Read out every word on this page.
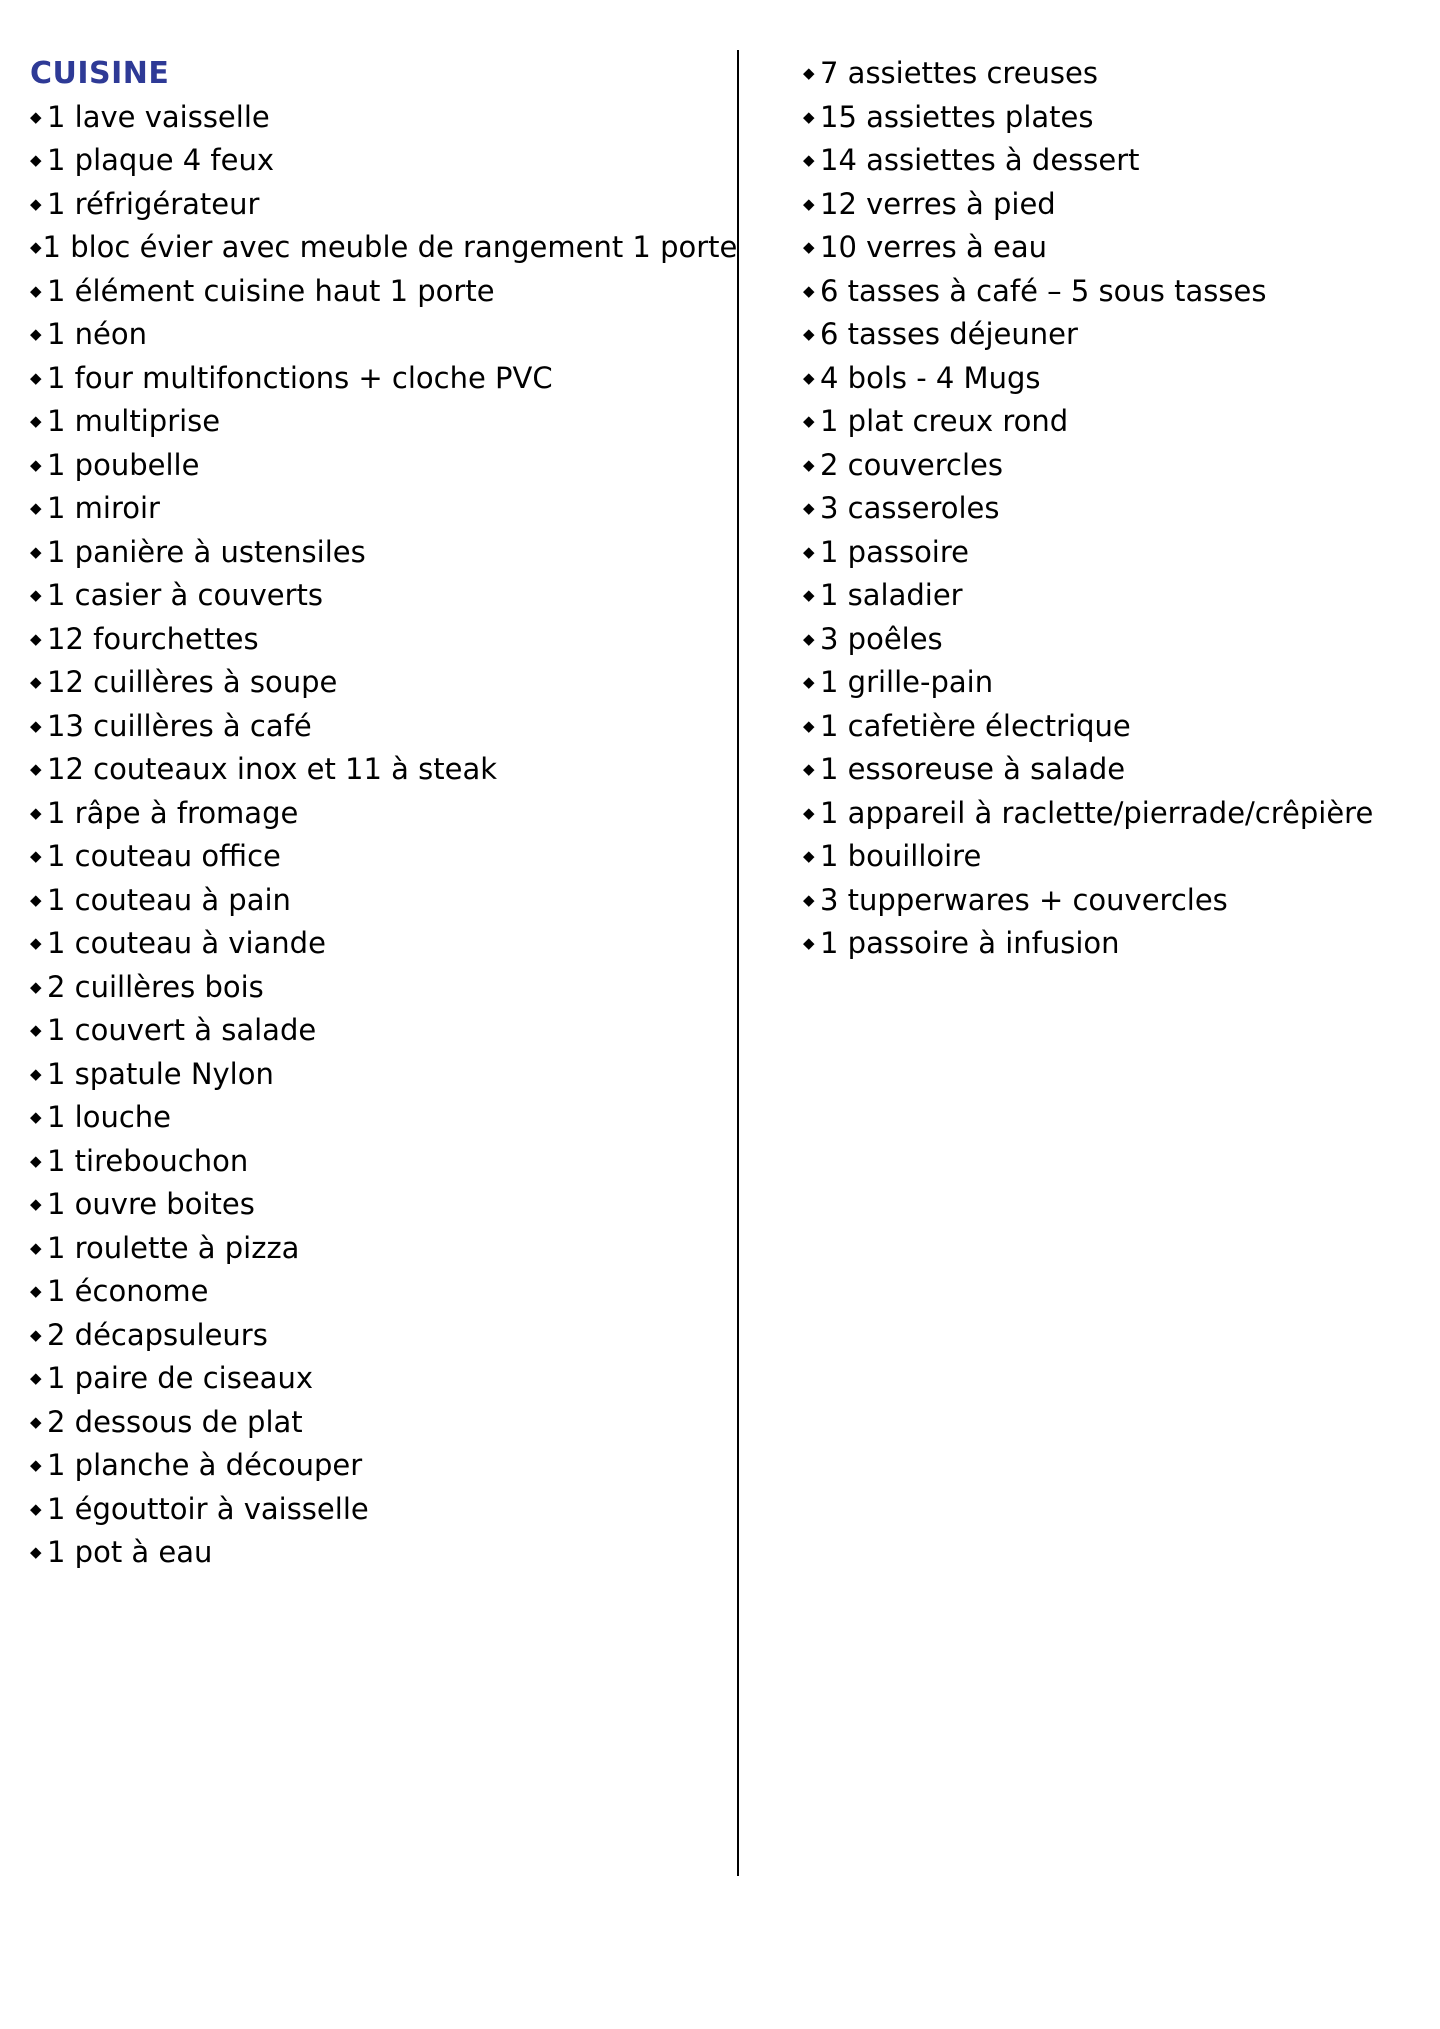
CUISINE
◆ 1 lave vaisselle
◆ 1 plaque 4 feux
◆ 1 réfrigérateur
◆ 1 bloc évier avec meuble de rangement 1 porte
◆ 1 élément cuisine haut 1 porte
◆ 1 néon
◆ 1 four multifonctions + cloche PVC
◆ 1 multiprise
◆ 1 poubelle
◆ 1 miroir
◆ 1 panière à ustensiles
◆ 1 casier à couverts
◆ 12 fourchettes
◆ 12 cuillères à soupe
◆ 13 cuillères à café
◆ 12 couteaux inox et 11 à steak
◆ 1 râpe à fromage
◆ 1 couteau office
◆ 1 couteau à pain
◆ 1 couteau à viande
◆ 2 cuillères bois
◆ 1 couvert à salade
◆ 1 spatule Nylon
◆ 1 louche
◆ 1 tirebouchon
◆ 1 ouvre boites
◆ 1 roulette à pizza
◆ 1 économe
◆ 2 décapsuleurs
◆ 1 paire de ciseaux
◆ 2 dessous de plat
◆ 1 planche à découper
◆ 1 égouttoir à vaisselle
◆ 1 pot à eau
◆ 7 assiettes creuses
◆ 15 assiettes plates
◆ 14 assiettes à dessert
◆ 12 verres à pied
◆ 10 verres à eau
◆ 6 tasses à café – 5 sous tasses
◆ 6 tasses déjeuner
◆ 4 bols - 4 Mugs
◆ 1 plat creux rond
◆ 2 couvercles
◆ 3 casseroles
◆ 1 passoire
◆ 1 saladier
◆ 3 poêles
◆ 1 grille-pain
◆ 1 cafetière électrique
◆ 1 essoreuse à salade
◆ 1 appareil à raclette/pierrade/crêpière
◆ 1 bouilloire
◆ 3 tupperwares + couvercles
◆ 1 passoire à infusion
